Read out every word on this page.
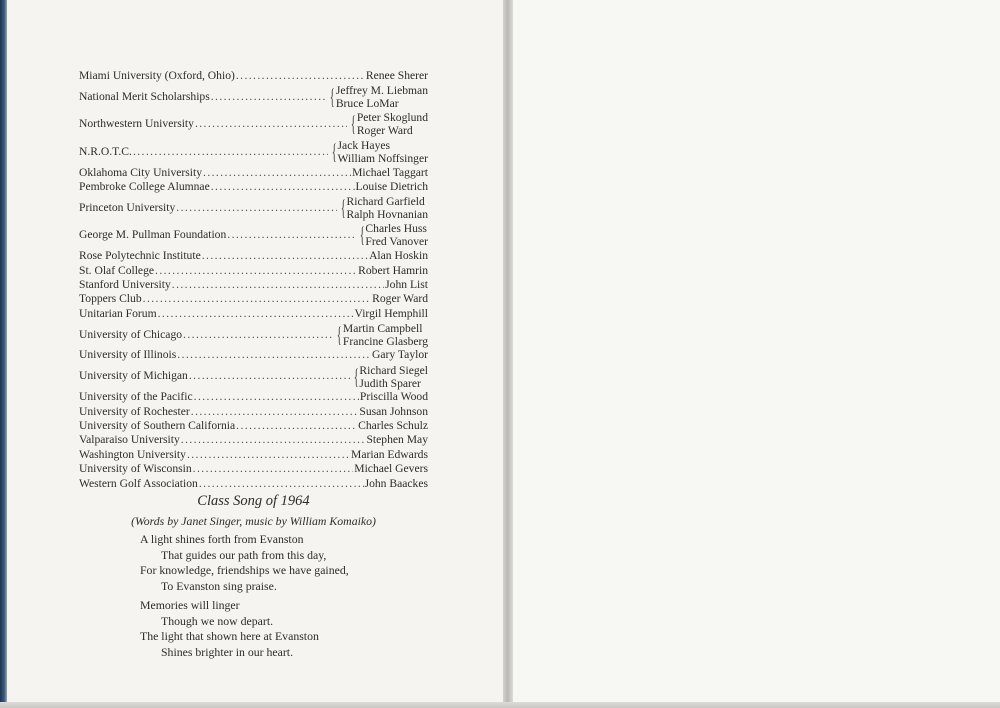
Miami University (Oxford, Ohio) .....	Renee Sherer
National Merit Scholarships .....	{ Jeffrey M. Liebman
Bruce LoMar
Northwestern University .....	{ Peter Skoglund
Roger Ward
N.R.O.T.C. .....	{ Jack Hayes
William Noffsinger
Oklahoma City University .....	Michael Taggart
Pembroke College Alumnae .....	Louise Dietrich
Princeton University .....	{ Richard Garfield
Ralph Hovnanian
George M. Pullman Foundation .....	{ Charles Huss
Fred Vanover
Rose Polytechnic Institute .....	Alan Hoskin
St. Olaf College .....	Robert Hamrin
Stanford University .....	John List
Toppers Club .....	Roger Ward
Unitarian Forum .....	Virgil Hemphill
University of Chicago .....	{ Martin Campbell
Francine Glasberg
University of Illinois .....	Gary Taylor
University of Michigan .....	{ Richard Siegel
Judith Sparer
University of the Pacific .....	Priscilla Wood
University of Rochester .....	Susan Johnson
University of Southern California .....	Charles Schulz
Valparaiso University .....	Stephen May
Washington University .....	Marian Edwards
University of Wisconsin .....	Michael Gevers
Western Golf Association .....	John Baackes
Class Song of 1964
(Words by Janet Singer, music by William Komaiko)
A light shines forth from Evanston
That guides our path from this day,
For knowledge, friendships we have gained,
To Evanston sing praise.
Memories will linger
Though we now depart.
The light that shown here at Evanston
Shines brighter in our heart.
